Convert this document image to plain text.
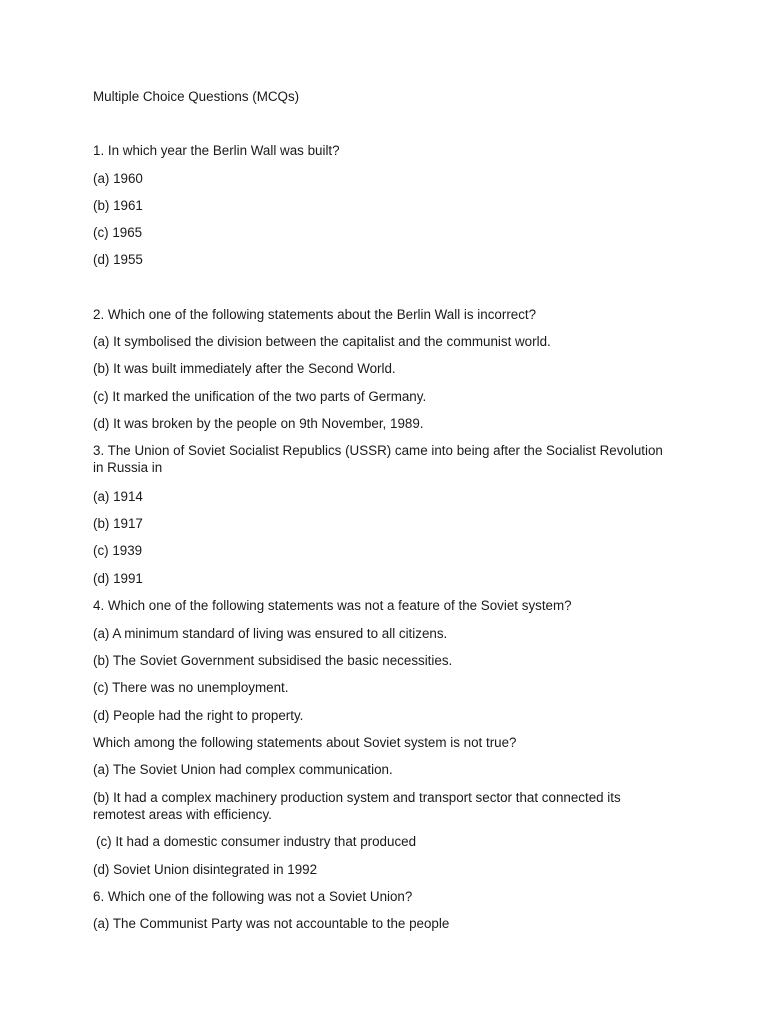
Multiple Choice Questions (MCQs)
1. In which year the Berlin Wall was built?
(a) 1960
(b) 1961
(c) 1965
(d) 1955
2. Which one of the following statements about the Berlin Wall is incorrect?
(a) It symbolised the division between the capitalist and the communist world.
(b) It was built immediately after the Second World.
(c) It marked the unification of the two parts of Germany.
(d) It was broken by the people on 9th November, 1989.
3. The Union of Soviet Socialist Republics (USSR) came into being after the Socialist Revolution in Russia in
(a) 1914
(b) 1917
(c) 1939
(d) 1991
4. Which one of the following statements was not a feature of the Soviet system?
(a) A minimum standard of living was ensured to all citizens.
(b) The Soviet Government subsidised the basic necessities.
(c) There was no unemployment.
(d) People had the right to property.
Which among the following statements about Soviet system is not true?
(a) The Soviet Union had complex communication.
(b) It had a complex machinery production system and transport sector that connected its remotest areas with efficiency.
(c) It had a domestic consumer industry that produced
(d) Soviet Union disintegrated in 1992
6. Which one of the following was not a Soviet Union?
(a) The Communist Party was not accountable to the people
